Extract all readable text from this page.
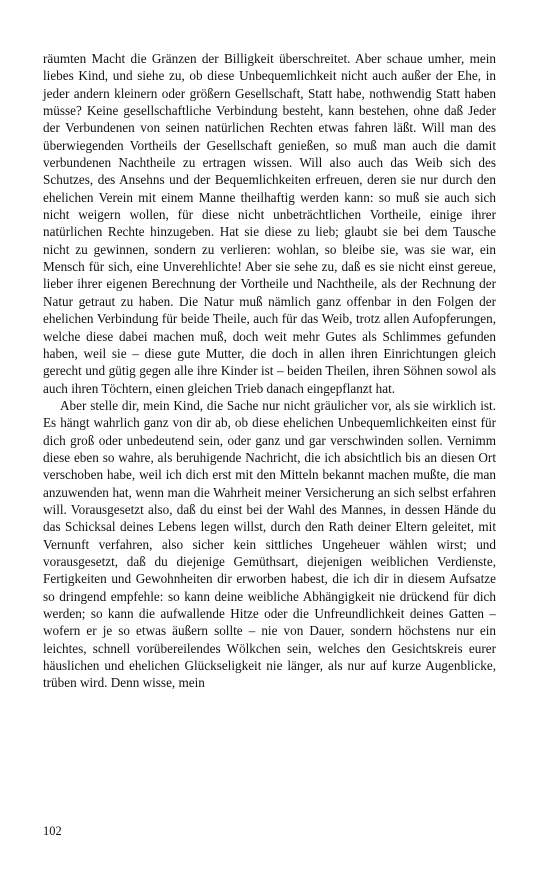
räumten Macht die Gränzen der Billigkeit überschreitet. Aber schaue umher, mein liebes Kind, und siehe zu, ob diese Unbequemlichkeit nicht auch außer der Ehe, in jeder andern kleinern oder größern Gesellschaft, Statt habe, nothwendig Statt haben müsse? Keine gesellschaftliche Verbindung besteht, kann bestehen, ohne daß Jeder der Verbundenen von seinen natürlichen Rechten etwas fahren läßt. Will man des überwiegenden Vortheils der Gesellschaft genießen, so muß man auch die damit verbundenen Nachtheile zu ertragen wissen. Will also auch das Weib sich des Schutzes, des Ansehns und der Bequemlichkeiten erfreuen, deren sie nur durch den ehelichen Verein mit einem Manne theilhaftig werden kann: so muß sie auch sich nicht weigern wollen, für diese nicht unbeträchtlichen Vortheile, einige ihrer natürlichen Rechte hinzugeben. Hat sie diese zu lieb; glaubt sie bei dem Tausche nicht zu gewinnen, sondern zu verlieren: wohlan, so bleibe sie, was sie war, ein Mensch für sich, eine Unverehlichte! Aber sie sehe zu, daß es sie nicht einst gereue, lieber ihrer eigenen Berechnung der Vortheile und Nachtheile, als der Rechnung der Natur getraut zu haben. Die Natur muß nämlich ganz offenbar in den Folgen der ehelichen Verbindung für beide Theile, auch für das Weib, trotz allen Aufopferungen, welche diese dabei machen muß, doch weit mehr Gutes als Schlimmes gefunden haben, weil sie – diese gute Mutter, die doch in allen ihren Einrichtungen gleich gerecht und gütig gegen alle ihre Kinder ist – beiden Theilen, ihren Söhnen sowol als auch ihren Töchtern, einen gleichen Trieb danach eingepflanzt hat.

Aber stelle dir, mein Kind, die Sache nur nicht gräulicher vor, als sie wirklich ist. Es hängt wahrlich ganz von dir ab, ob diese ehelichen Unbequemlichkeiten einst für dich groß oder unbedeutend sein, oder ganz und gar verschwinden sollen. Vernimm diese eben so wahre, als beruhigende Nachricht, die ich absichtlich bis an diesen Ort verschoben habe, weil ich dich erst mit den Mitteln bekannt machen mußte, die man anzuwenden hat, wenn man die Wahrheit meiner Versicherung an sich selbst erfahren will. Vorausgesetzt also, daß du einst bei der Wahl des Mannes, in dessen Hände du das Schicksal deines Lebens legen willst, durch den Rath deiner Eltern geleitet, mit Vernunft verfahren, also sicher kein sittliches Ungeheuer wählen wirst; und vorausgesetzt, daß du diejenige Gemüthsart, diejenigen weiblichen Verdienste, Fertigkeiten und Gewohnheiten dir erworben habest, die ich dir in diesem Aufsatze so dringend empfehle: so kann deine weibliche Abhängigkeit nie drückend für dich werden; so kann die aufwallende Hitze oder die Unfreundlichkeit deines Gatten – wofern er je so etwas äußern sollte – nie von Dauer, sondern höchstens nur ein leichtes, schnell vorübereilendes Wölkchen sein, welches den Gesichtskreis eurer häuslichen und ehelichen Glückseligkeit nie länger, als nur auf kurze Augenblicke, trüben wird. Denn wisse, mein

102
